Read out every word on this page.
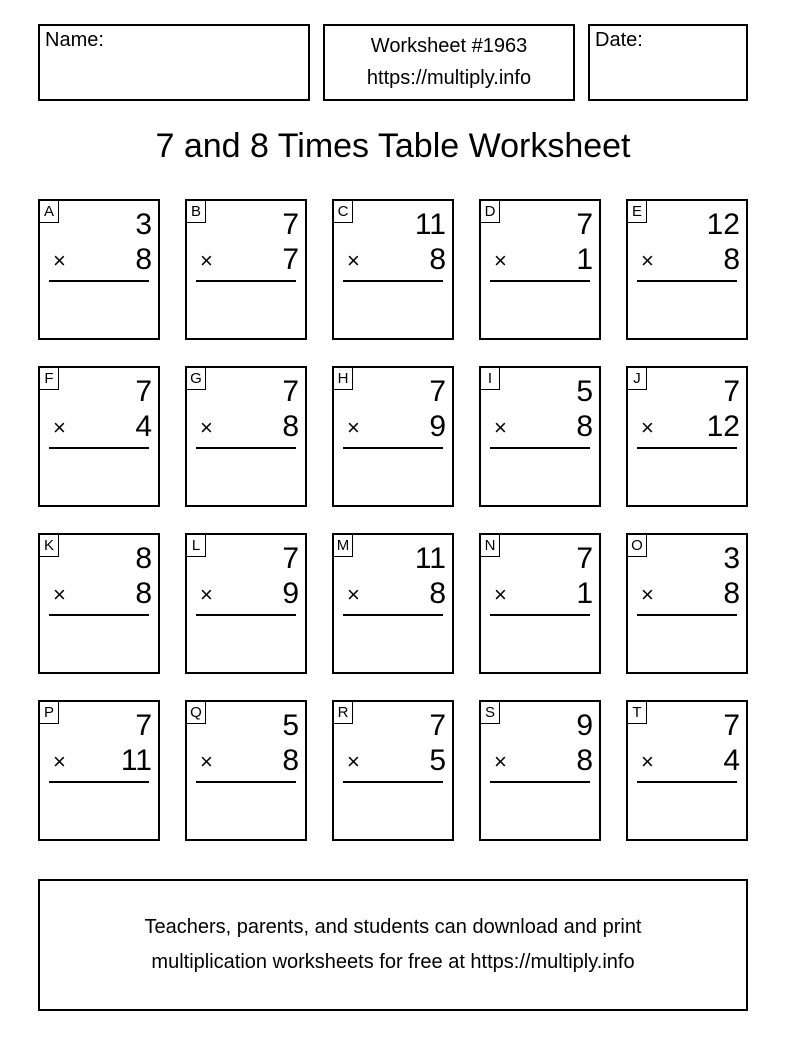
Name:	Worksheet #1963
https://multiply.info
Date:
7 and 8 Times Table Worksheet
A	3
× 8
B	7
× 7
C 11
× 8
D	7
× 1
E 12
× 8
F	7
× 4
G	7
× 8
H	7
× 9
I	5
× 8
J	7
× 12
K	8
× 8
L	7
× 9
M 11
× 8
N	7
× 1
O	3
× 8
P	7
× 11
Q	5
× 8
R	7
× 5
S	9
× 8
T	7
× 4
Teachers, parents, and students can download and print
multiplication worksheets for free at https://multiply.info
